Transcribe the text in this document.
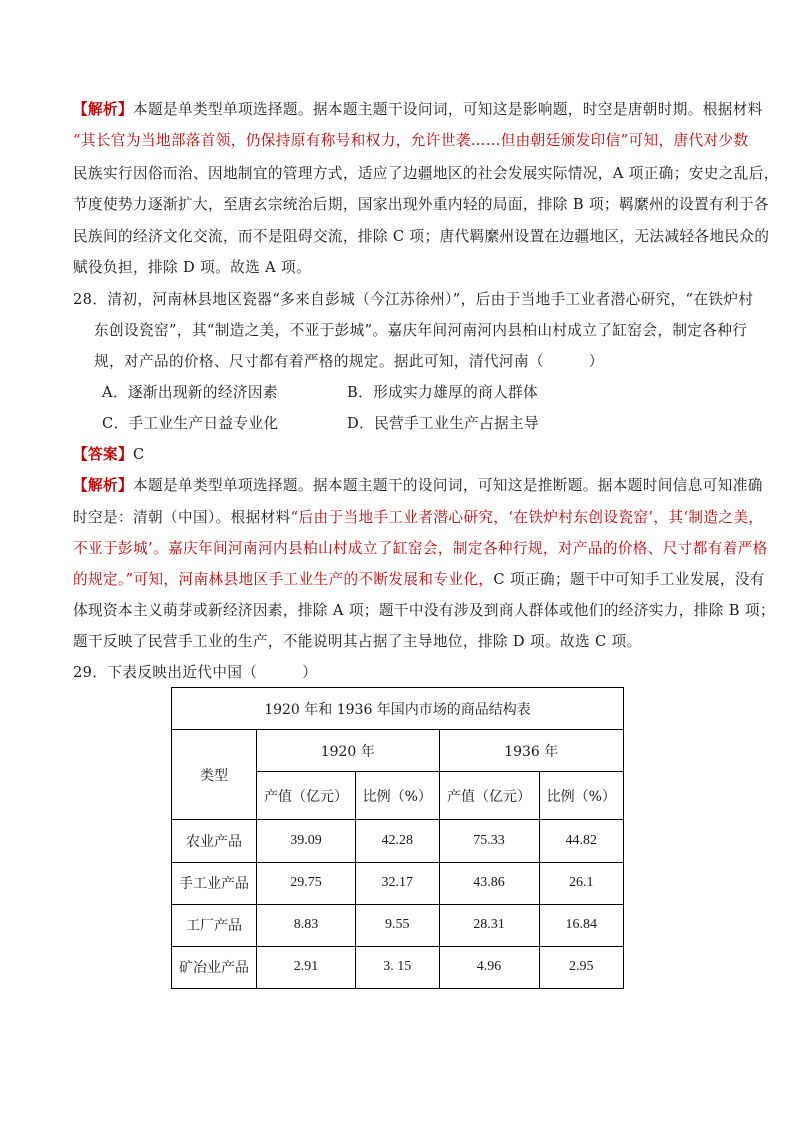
【解析】本题是单类型单项选择题。据本题主题干设问词，可知这是影响题，时空是唐朝时期。根据材料
“其长官为当地部落首领，仍保持原有称号和权力，允许世袭……但由朝廷颁发印信”可知，唐代对少数
民族实行因俗而治、因地制宜的管理方式，适应了边疆地区的社会发展实际情况，A 项正确；安史之乱后，
节度使势力逐渐扩大，至唐玄宗统治后期，国家出现外重内轻的局面，排除 B 项；羁縻州的设置有利于各
民族间的经济文化交流，而不是阻碍交流，排除 C 项；唐代羁縻州设置在边疆地区，无法减轻各地民众的
赋役负担，排除 D 项。故选 A 项。
28．清初，河南林县地区瓷器“多来自彭城（今江苏徐州）”，后由于当地手工业者潜心研究，“在铁炉村
东创设瓷窑”，其“制造之美，不亚于彭城”。嘉庆年间河南河内县柏山村成立了缸窑会，制定各种行
规，对产品的价格、尺寸都有着严格的规定。据此可知，清代河南（　　　）
A．逐渐出现新的经济因素	B．形成实力雄厚的商人群体
C．手工业生产日益专业化	D．民营手工业生产占据主导
【答案】C
【解析】本题是单类型单项选择题。据本题主题干的设问词，可知这是推断题。据本题时间信息可知准确
时空是：清朝（中国）。根据材料“后由于当地手工业者潜心研究，‘在铁炉村东创设瓷窑’，其‘制造之美，
不亚于彭城’。嘉庆年间河南河内县柏山村成立了缸窑会，制定各种行规，对产品的价格、尺寸都有着严格
的规定。”可知，河南林县地区手工业生产的不断发展和专业化，C 项正确；题干中可知手工业发展，没有
体现资本主义萌芽或新经济因素，排除 A 项；题干中没有涉及到商人群体或他们的经济实力，排除 B 项；
题干反映了民营手工业的生产，不能说明其占据了主导地位，排除 D 项。故选 C 项。
29．下表反映出近代中国（　　　）
1920 年和 1936 年国内市场的商品结构表				
类型	1920 年		1936 年	
	产值（亿元）	比例（%）	产值（亿元）	比例（%）
农业产品	39.09	42.28	75.33	44.82
手工业产品	29.75	32.17	43.86	26.1
工厂产品	8.83	9.55	28.31	16.84
矿冶业产品	2.91	3. 15	4.96	2.95
